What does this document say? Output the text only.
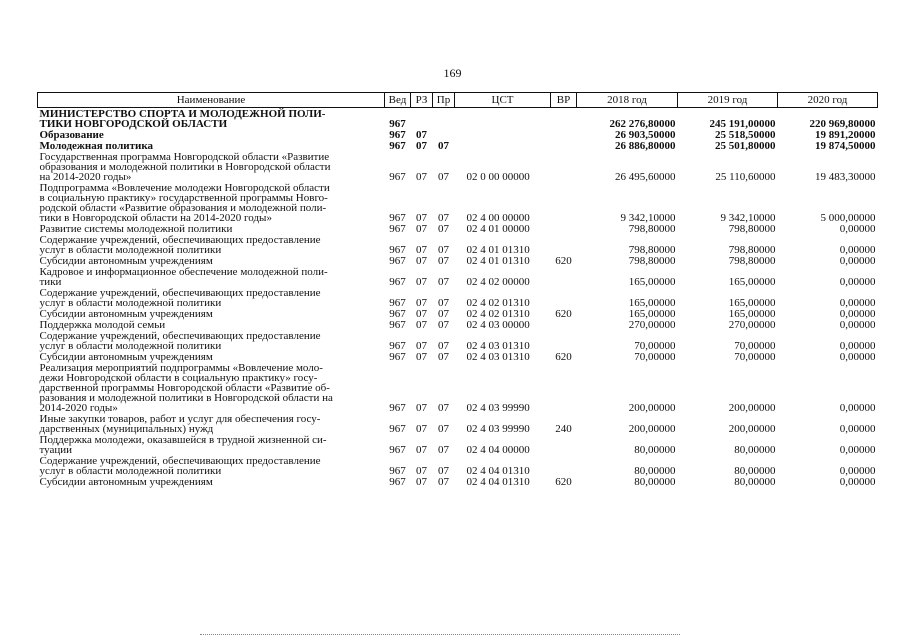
169
Наименование	Вед	РЗ	Пр	ЦСТ	ВР	2018 год	2019 год	2020 год
МИНИСТЕРСТВО СПОРТА И МОЛОДЕЖНОЙ ПОЛИ-
ТИКИ НОВГОРОДСКОЙ ОБЛАСТИ	967					262 276,80000	245 191,00000	220 969,80000
Образование	967	07				26 903,50000	25 518,50000	19 891,20000
Молодежная политика	967	07	07			26 886,80000	25 501,80000	19 874,50000
Государственная программа Новгородской области «Развитие
образования и молодежной политики в Новгородской области
на 2014-2020 годы»	967	07	07	02 0 00 00000		26 495,60000	25 110,60000	19 483,30000
Подпрограмма «Вовлечение молодежи Новгородской области
в социальную практику» государственной программы Новго-
родской области «Развитие образования и молодежной поли-
тики в Новгородской области на 2014-2020 годы»	967	07	07	02 4 00 00000		9 342,10000	9 342,10000	5 000,00000
Развитие системы молодежной политики	967	07	07	02 4 01 00000		798,80000	798,80000	0,00000
Содержание учреждений, обеспечивающих предоставление
услуг в области молодежной политики	967	07	07	02 4 01 01310		798,80000	798,80000	0,00000
Субсидии автономным учреждениям	967	07	07	02 4 01 01310	620	798,80000	798,80000	0,00000
Кадровое и информационное обеспечение молодежной поли-
тики	967	07	07	02 4 02 00000		165,00000	165,00000	0,00000
Содержание учреждений, обеспечивающих предоставление
услуг в области молодежной политики	967	07	07	02 4 02 01310		165,00000	165,00000	0,00000
Субсидии автономным учреждениям	967	07	07	02 4 02 01310	620	165,00000	165,00000	0,00000
Поддержка молодой семьи	967	07	07	02 4 03 00000		270,00000	270,00000	0,00000
Содержание учреждений, обеспечивающих предоставление
услуг в области молодежной политики	967	07	07	02 4 03 01310		70,00000	70,00000	0,00000
Субсидии автономным учреждениям	967	07	07	02 4 03 01310	620	70,00000	70,00000	0,00000
Реализация мероприятий подпрограммы «Вовлечение моло-
дежи Новгородской области в социальную практику» госу-
дарственной программы Новгородской области «Развитие об-
разования и молодежной политики в Новгородской области на
2014-2020 годы»	967	07	07	02 4 03 99990		200,00000	200,00000	0,00000
Иные закупки товаров, работ и услуг для обеспечения госу-
дарственных (муниципальных) нужд	967	07	07	02 4 03 99990	240	200,00000	200,00000	0,00000
Поддержка молодежи, оказавшейся в трудной жизненной си-
туации	967	07	07	02 4 04 00000		80,00000	80,00000	0,00000
Содержание учреждений, обеспечивающих предоставление
услуг в области молодежной политики	967	07	07	02 4 04 01310		80,00000	80,00000	0,00000
Субсидии автономным учреждениям	967	07	07	02 4 04 01310	620	80,00000	80,00000	0,00000
